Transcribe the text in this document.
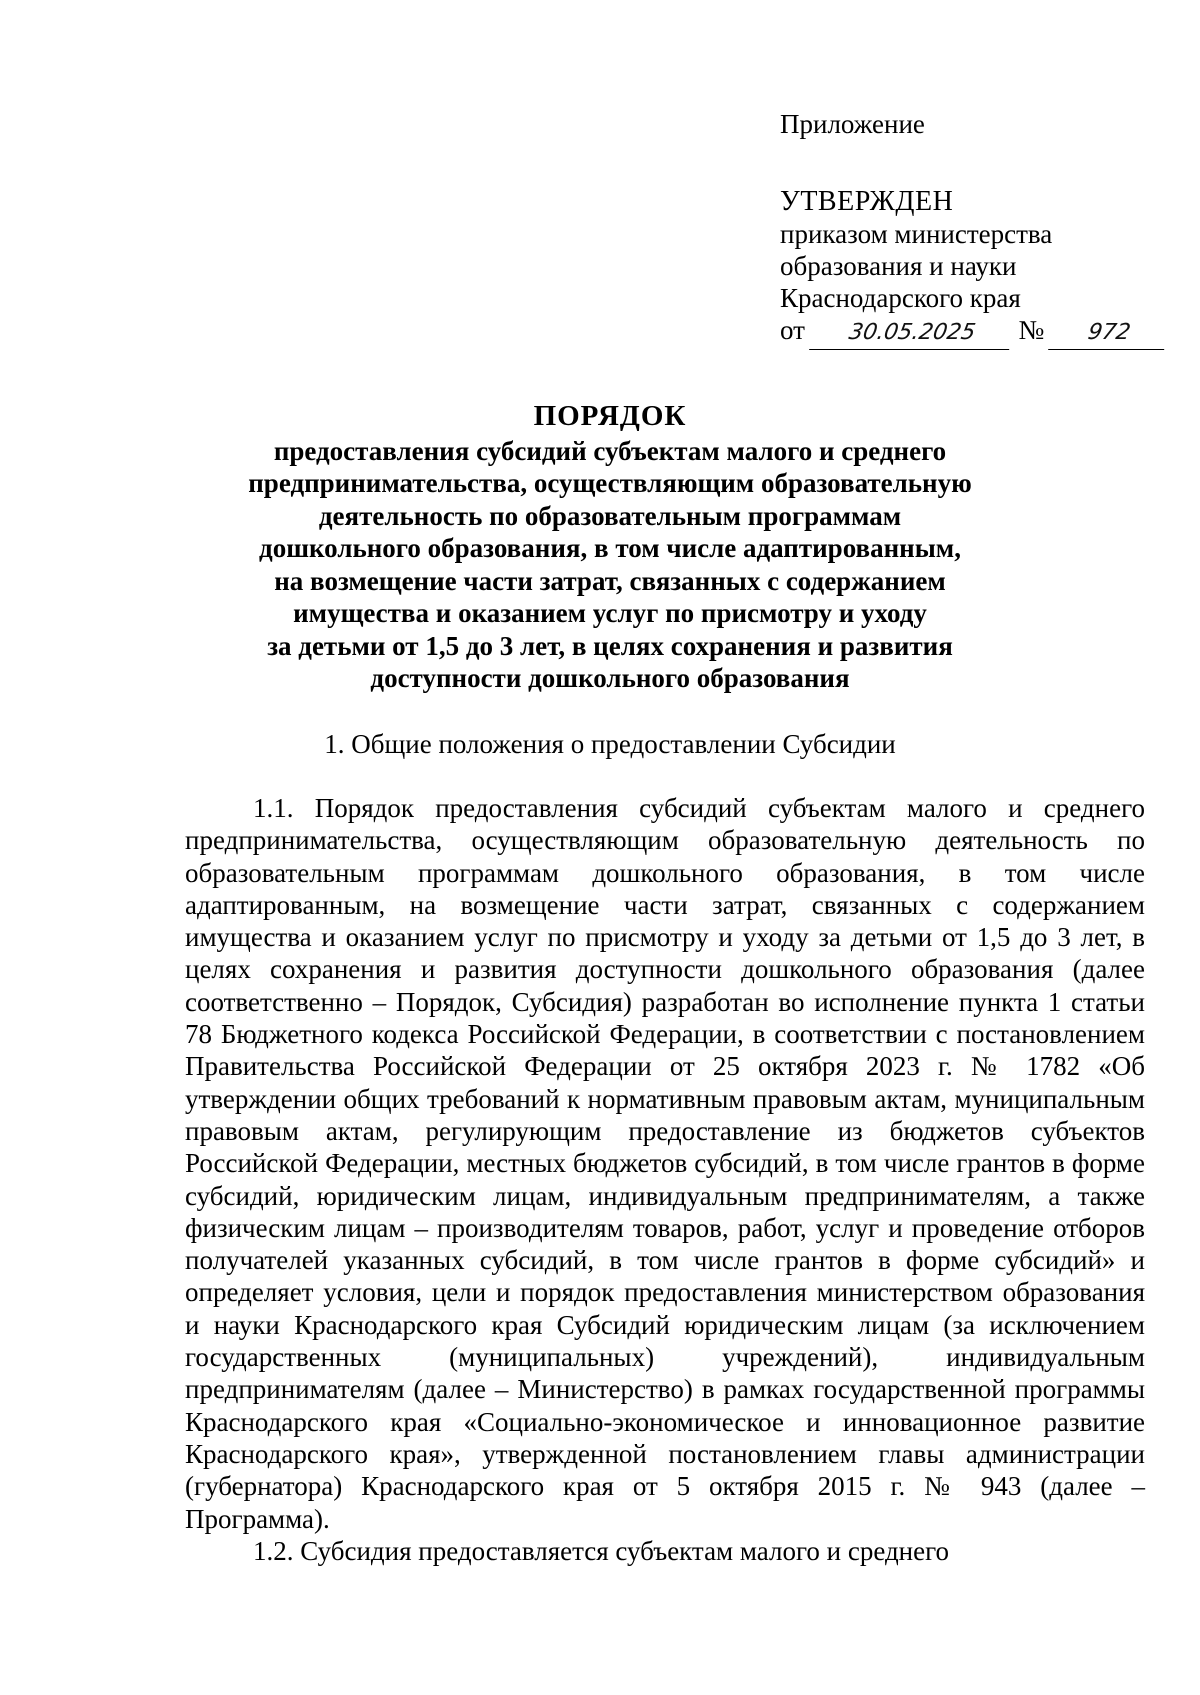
Приложение
УТВЕРЖДЕН
приказом министерства
образования и науки
Краснодарского края
от 30.05.2025 № 972
ПОРЯДОК
предоставления субсидий субъектам малого и среднего
предпринимательства, осуществляющим образовательную
деятельность по образовательным программам
дошкольного образования, в том числе адаптированным,
на возмещение части затрат, связанных с содержанием
имущества и оказанием услуг по присмотру и уходу
за детьми от 1,5 до 3 лет, в целях сохранения и развития
доступности дошкольного образования
1. Общие положения о предоставлении Субсидии

1.1. Порядок предоставления субсидий субъектам малого и среднего предпринимательства, осуществляющим образовательную деятельность по образовательным программам дошкольного образования, в том числе адаптированным, на возмещение части затрат, связанных с содержанием имущества и оказанием услуг по присмотру и уходу за детьми от 1,5 до 3 лет, в целях сохранения и развития доступности дошкольного образования (далее соответственно – Порядок, Субсидия) разработан во исполнение пункта 1 статьи 78 Бюджетного кодекса Российской Федерации, в соответствии с постановлением Правительства Российской Федерации от 25 октября 2023 г. № 1782 «Об утверждении общих требований к нормативным правовым актам, муниципальным правовым актам, регулирующим предоставление из бюджетов субъектов Российской Федерации, местных бюджетов субсидий, в том числе грантов в форме субсидий, юридическим лицам, индивидуальным предпринимателям, а также физическим лицам – производителям товаров, работ, услуг и проведение отборов получателей указанных субсидий, в том числе грантов в форме субсидий» и определяет условия, цели и порядок предоставления министерством образования и науки Краснодарского края Субсидий юридическим лицам (за исключением государственных (муниципальных) учреждений), индивидуальным предпринимателям (далее – Министерство) в рамках государственной программы Краснодарского края «Социально-экономическое и инновационное развитие Краснодарского края», утвержденной постановлением главы администрации (губернатора) Краснодарского края от 5 октября 2015 г. № 943 (далее – Программа).

1.2. Субсидия предоставляется субъектам малого и среднего
